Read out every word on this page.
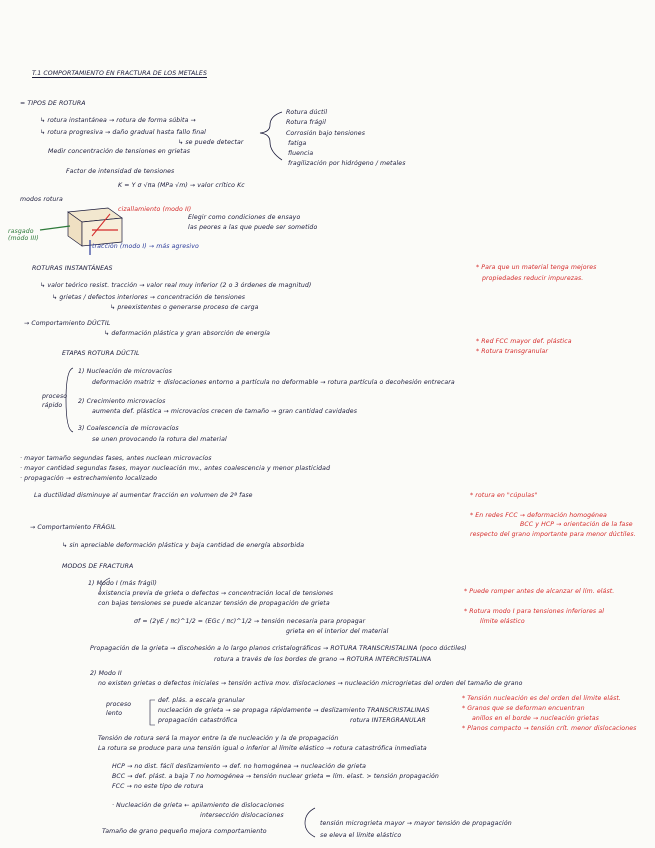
T.1 COMPORTAMIENTO EN FRACTURA DE LOS METALES
= TIPOS DE ROTURA
↳ rotura instantánea → rotura de forma súbita →
↳ rotura progresiva → daño gradual hasta fallo final
↳ se puede detectar
Medir concentración de tensiones en grietas
Factor de intensidad de tensiones
K = Y σ √πa (MPa √m) → valor crítico Kc
Rotura dúctil
Rotura frágil
Corrosión bajo tensiones
fatiga
fluencia
fragilización por hidrógeno / metales
modos rotura
cizallamiento (modo II)
rasgado (modo III)
tracción (modo I) → más agresivo
Elegir como condiciones de ensayo
las peores a las que puede ser sometido
ROTURAS INSTANTÁNEAS
↳ valor teórico resist. tracción → valor real muy inferior (2 o 3 órdenes de magnitud)
↳ grietas / defectos interiores → concentración de tensiones
↳ preexistentes o generarse proceso de carga
* Para que un material tenga mejores
propiedades reducir impurezas.
→ Comportamiento DÚCTIL
↳ deformación plástica y gran absorción de energía
* Red FCC mayor def. plástica
* Rotura transgranular
ETAPAS ROTURA DÚCTIL
proceso rápido
1) Nucleación de microvacíos
deformación matriz + dislocaciones entorno a partícula no deformable → rotura partícula o decohesión entrecara
2) Crecimiento microvacíos
aumenta def. plástica → microvacíos crecen de tamaño → gran cantidad cavidades
3) Coalescencia de microvacíos
se unen provocando la rotura del material
· mayor tamaño segundas fases, antes nuclean microvacíos
· mayor cantidad segundas fases, mayor nucleación mv., antes coalescencia y menor plasticidad
· propagación → estrechamiento localizado
La ductilidad disminuye al aumentar fracción en volumen de 2ª fase	* rotura en "cúpulas"
* En redes FCC → deformación homogénea
BCC y HCP → orientación de la fase
respecto del grano importante para menor dúctiles.
→ Comportamiento FRÁGIL
↳ sin apreciable deformación plástica y baja cantidad de energía absorbida
MODOS DE FRACTURA
1) Modo I (más frágil)
existencia previa de grieta o defectos → concentración local de tensiones
con bajas tensiones se puede alcanzar tensión de propagación de grieta
σf = (2γE / πc)^1/2 = (EGc / πc)^1/2 → tensión necesaria para propagar
grieta en el interior del material
* Puede romper antes de alcanzar el lím. elást.
* Rotura modo I para tensiones inferiores al
límite elástico
Propagación de la grieta → discohesión a lo largo planos cristalográficos → ROTURA TRANSCRISTALINA (poco dúctiles)
rotura a través de los bordes de grano → ROTURA INTERCRISTALINA
2) Modo II
no existen grietas o defectos iniciales → tensión activa mov. dislocaciones → nucleación microgrietas del orden del tamaño de grano
proceso lento
def. plás. a escala granular
nucleación de grieta → se propaga rápidamente → deslizamiento TRANSCRISTALINAS
propagación catastrófica	rotura INTERGRANULAR
* Tensión nucleación es del orden del límite elást.
* Granos que se deforman encuentran
anillos en el borde → nucleación grietas
* Planos compacto → tensión crít. menor dislocaciones
Tensión de rotura será la mayor entre la de nucleación y la de propagación
La rotura se produce para una tensión igual o inferior al límite elástico → rotura catastrófica inmediata
HCP → no dist. fácil deslizamiento → def. no homogénea → nucleación de grieta
BCC → def. plást. a baja T no homogénea → tensión nuclear grieta = lím. elast. > tensión propagación
FCC → no este tipo de rotura
· Nucleación de grieta ← apilamiento de dislocaciones
intersección dislocaciones
Tamaño de grano pequeño mejora comportamiento
tensión microgrieta mayor → mayor tensión de propagación
se eleva el límite elástico
